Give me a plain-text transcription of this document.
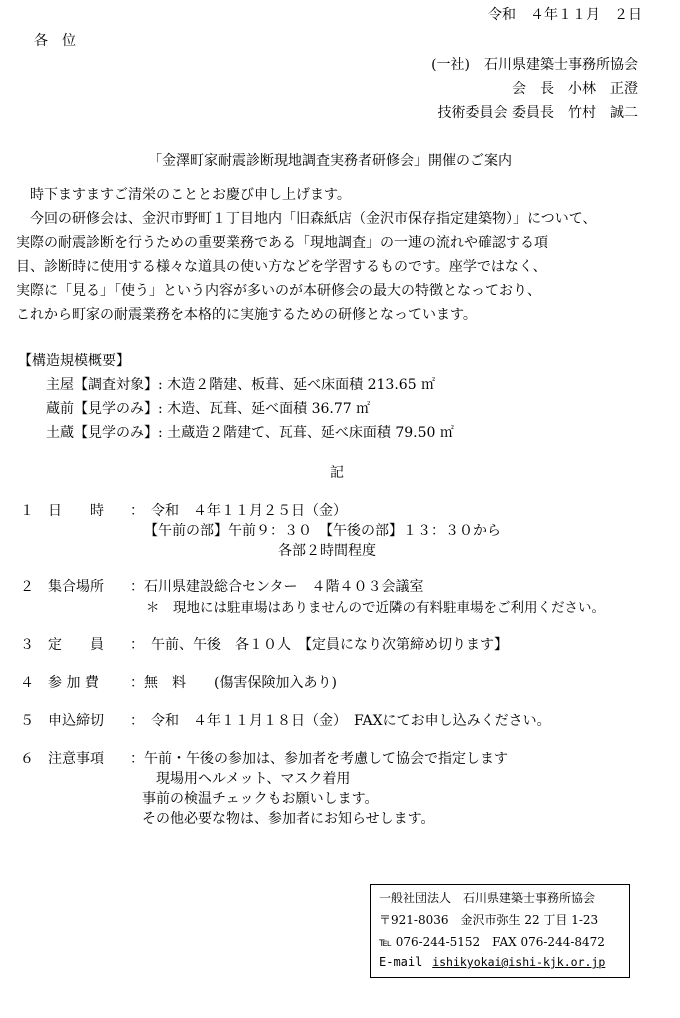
令和　４年１１月　２日
各　位
(一社)　石川県建築士事務所協会
会　長　小林　正澄
技術委員会 委員長　竹村　誠二
「金澤町家耐震診断現地調査実務者研修会」開催のご案内
　時下ますますご清栄のこととお慶び申し上げます。
　今回の研修会は、金沢市野町１丁目地内「旧森紙店（金沢市保存指定建築物）」について、
実際の耐震診断を行うための重要業務である「現地調査」の一連の流れや確認する項
目、診断時に使用する様々な道具の使い方などを学習するものです。座学ではなく、
実際に「見る」「使う」という内容が多いのが本研修会の最大の特徴となっており、
これから町家の耐震業務を本格的に実施するための研修となっています。
【構造規模概要】
主屋【調査対象】: 木造２階建、板葺、延べ床面積 213.65 ㎡
蔵前【見学のみ】: 木造、瓦葺、延べ面積 36.77 ㎡
土蔵【見学のみ】: 土蔵造２階建て、瓦葺、延べ床面積 79.50 ㎡
記
１ 日　　時 ：　令和　４年１１月２５日（金）
【午前の部】午前９：３０　【午後の部】１３：３０から
各部２時間程度
２ 集合場所 ：石川県建設総合センター　４階４０３会議室
＊　現地には駐車場はありませんので近隣の有料駐車場をご利用ください。
３ 定　　員 ：　午前、午後　各１０人　【定員になり次第締め切ります】
４ 参 加 費 ：無　料　　(傷害保険加入あり)
５ 申込締切 ：　令和　４年１１月１８日（金）　FAXにてお申し込みください。
６ 注意事項 ：午前・午後の参加は、参加者を考慮して協会で指定します
現場用ヘルメット、マスク着用
事前の検温チェックもお願いします。
その他必要な物は、参加者にお知らせします。
一般社団法人　石川県建築士事務所協会
〒921-8036　金沢市弥生 22 丁目 1-23
℡ 076-244-5152　FAX 076-244-8472
E-mail ishikyokai@ishi-kjk.or.jp
